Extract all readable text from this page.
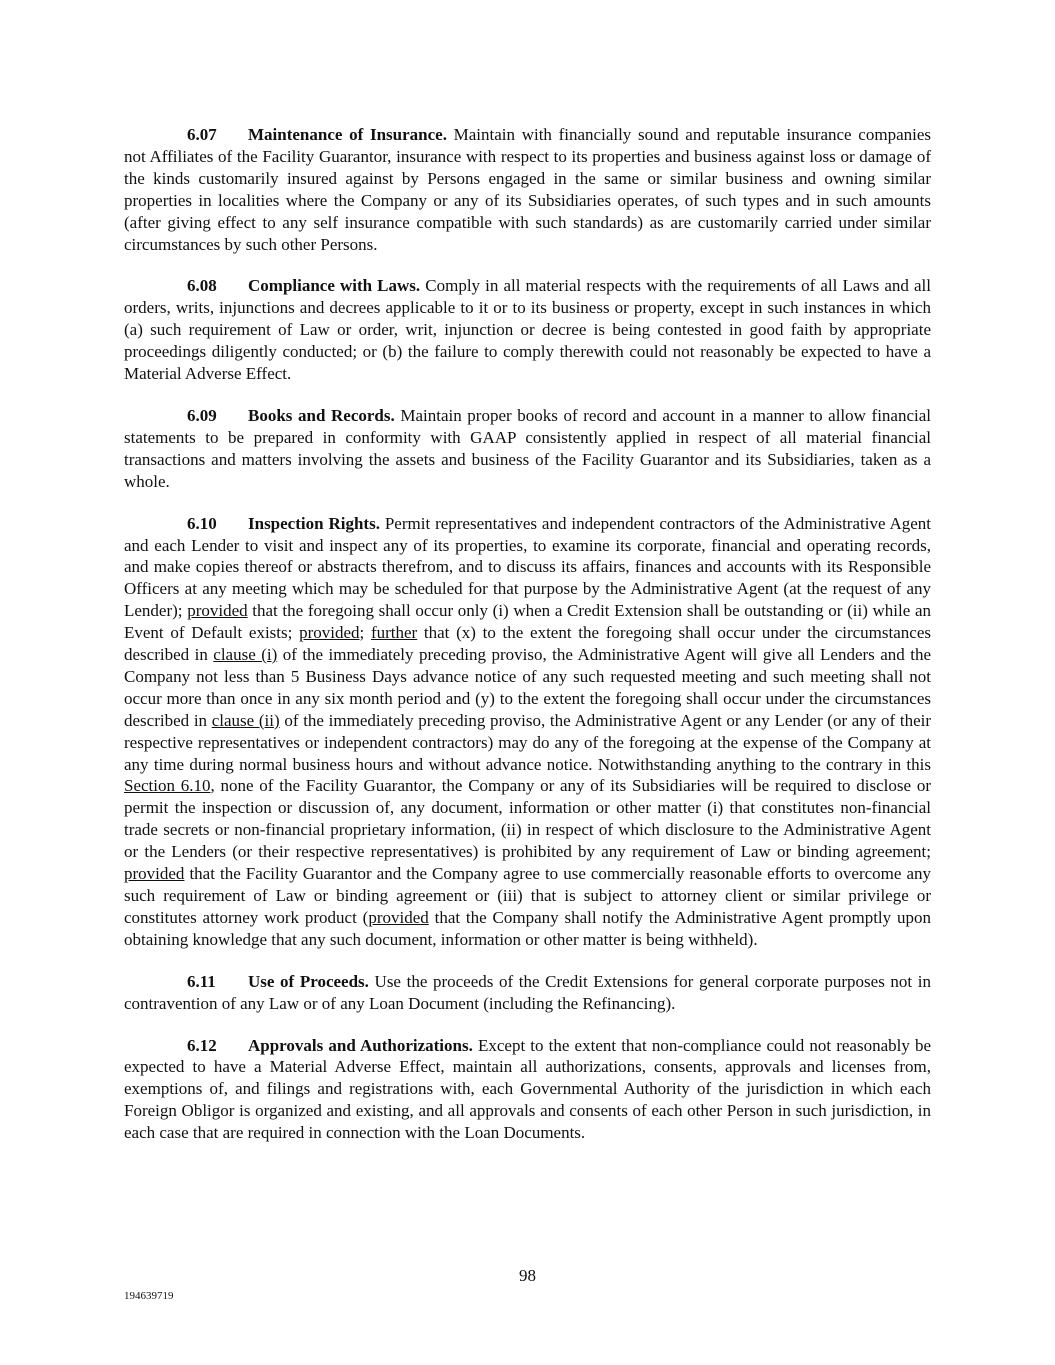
6.07 Maintenance of Insurance. Maintain with financially sound and reputable insurance companies not Affiliates of the Facility Guarantor, insurance with respect to its properties and business against loss or damage of the kinds customarily insured against by Persons engaged in the same or similar business and owning similar properties in localities where the Company or any of its Subsidiaries operates, of such types and in such amounts (after giving effect to any self insurance compatible with such standards) as are customarily carried under similar circumstances by such other Persons.

6.08 Compliance with Laws. Comply in all material respects with the requirements of all Laws and all orders, writs, injunctions and decrees applicable to it or to its business or property, except in such instances in which (a) such requirement of Law or order, writ, injunction or decree is being contested in good faith by appropriate proceedings diligently conducted; or (b) the failure to comply therewith could not reasonably be expected to have a Material Adverse Effect.

6.09 Books and Records. Maintain proper books of record and account in a manner to allow financial statements to be prepared in conformity with GAAP consistently applied in respect of all material financial transactions and matters involving the assets and business of the Facility Guarantor and its Subsidiaries, taken as a whole.

6.10 Inspection Rights. Permit representatives and independent contractors of the Administrative Agent and each Lender to visit and inspect any of its properties, to examine its corporate, financial and operating records, and make copies thereof or abstracts therefrom, and to discuss its affairs, finances and accounts with its Responsible Officers at any meeting which may be scheduled for that purpose by the Administrative Agent (at the request of any Lender); provided that the foregoing shall occur only (i) when a Credit Extension shall be outstanding or (ii) while an Event of Default exists; provided; further that (x) to the extent the foregoing shall occur under the circumstances described in clause (i) of the immediately preceding proviso, the Administrative Agent will give all Lenders and the Company not less than 5 Business Days advance notice of any such requested meeting and such meeting shall not occur more than once in any six month period and (y) to the extent the foregoing shall occur under the circumstances described in clause (ii) of the immediately preceding proviso, the Administrative Agent or any Lender (or any of their respective representatives or independent contractors) may do any of the foregoing at the expense of the Company at any time during normal business hours and without advance notice. Notwithstanding anything to the contrary in this Section 6.10, none of the Facility Guarantor, the Company or any of its Subsidiaries will be required to disclose or permit the inspection or discussion of, any document, information or other matter (i) that constitutes non-financial trade secrets or non-financial proprietary information, (ii) in respect of which disclosure to the Administrative Agent or the Lenders (or their respective representatives) is prohibited by any requirement of Law or binding agreement; provided that the Facility Guarantor and the Company agree to use commercially reasonable efforts to overcome any such requirement of Law or binding agreement or (iii) that is subject to attorney client or similar privilege or constitutes attorney work product (provided that the Company shall notify the Administrative Agent promptly upon obtaining knowledge that any such document, information or other matter is being withheld).

6.11 Use of Proceeds. Use the proceeds of the Credit Extensions for general corporate purposes not in contravention of any Law or of any Loan Document (including the Refinancing).

6.12 Approvals and Authorizations. Except to the extent that non-compliance could not reasonably be expected to have a Material Adverse Effect, maintain all authorizations, consents, approvals and licenses from, exemptions of, and filings and registrations with, each Governmental Authority of the jurisdiction in which each Foreign Obligor is organized and existing, and all approvals and consents of each other Person in such jurisdiction, in each case that are required in connection with the Loan Documents.

98
194639719
